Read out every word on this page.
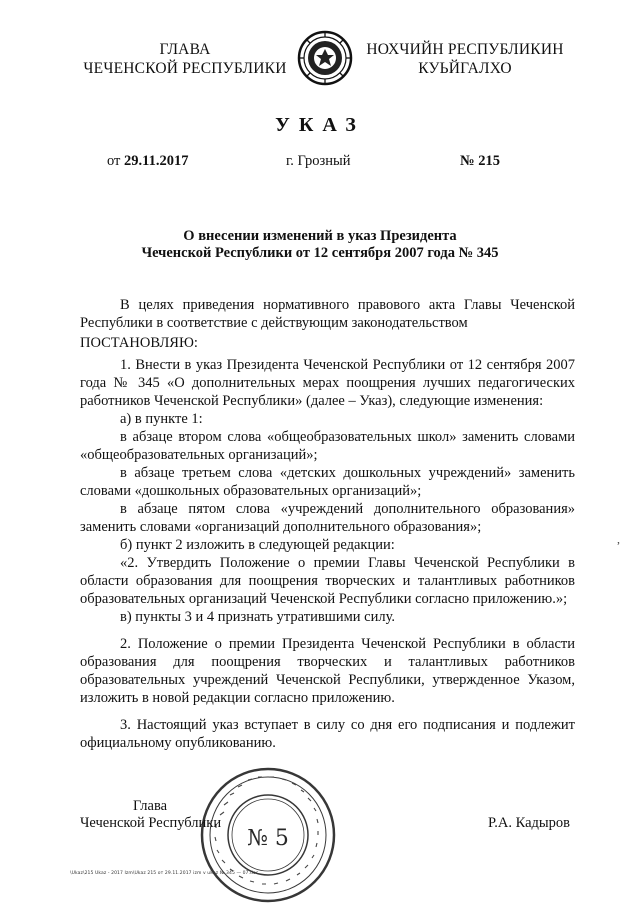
ГЛАВА
ЧЕЧЕНСКОЙ РЕСПУБЛИКИ
НОХЧИЙН РЕСПУБЛИКИН
КУЬЙГАЛХО
УКАЗ
от 29.11.2017	г. Грозный	№ 215
О внесении изменений в указ Президента
Чеченской Республики от 12 сентября 2007 года № 345

В целях приведения нормативного правового акта Главы Чеченской Республики в соответствие с действующим законодательством

ПОСТАНОВЛЯЮ:

1. Внести в указ Президента Чеченской Республики от 12 сентября 2007 года № 345 «О дополнительных мерах поощрения лучших педагогических работников Чеченской Республики» (далее – Указ), следующие изменения:

а) в пункте 1:

в абзаце втором слова «общеобразовательных школ» заменить словами «общеобразовательных организаций»;

в абзаце третьем слова «детских дошкольных учреждений» заменить словами «дошкольных образовательных организаций»;

в абзаце пятом слова «учреждений дополнительного образования» заменить словами «организаций дополнительного образования»;

б) пункт 2 изложить в следующей редакции:

«2. Утвердить Положение о премии Главы Чеченской Республики в области образования для поощрения творческих и талантливых работников образовательных организаций Чеченской Республики согласно приложению.»;

в) пункты 3 и 4 признать утратившими силу.

2. Положение о премии Президента Чеченской Республики в области образования для поощрения творческих и талантливых работников образовательных учреждений Чеченской Республики, утвержденное Указом, изложить в новой редакции согласно приложению.

3. Настоящий указ вступает в силу со дня его подписания и подлежит официальному опубликованию.

№ 5
Глава
Чеченской Республики	Р.А. Кадыров
,
\Ukaz\215 Ukaz - 2017 Izm\Ukaz 215 от 29.11.2017 izm v ukaz № 345 — 07.doc
